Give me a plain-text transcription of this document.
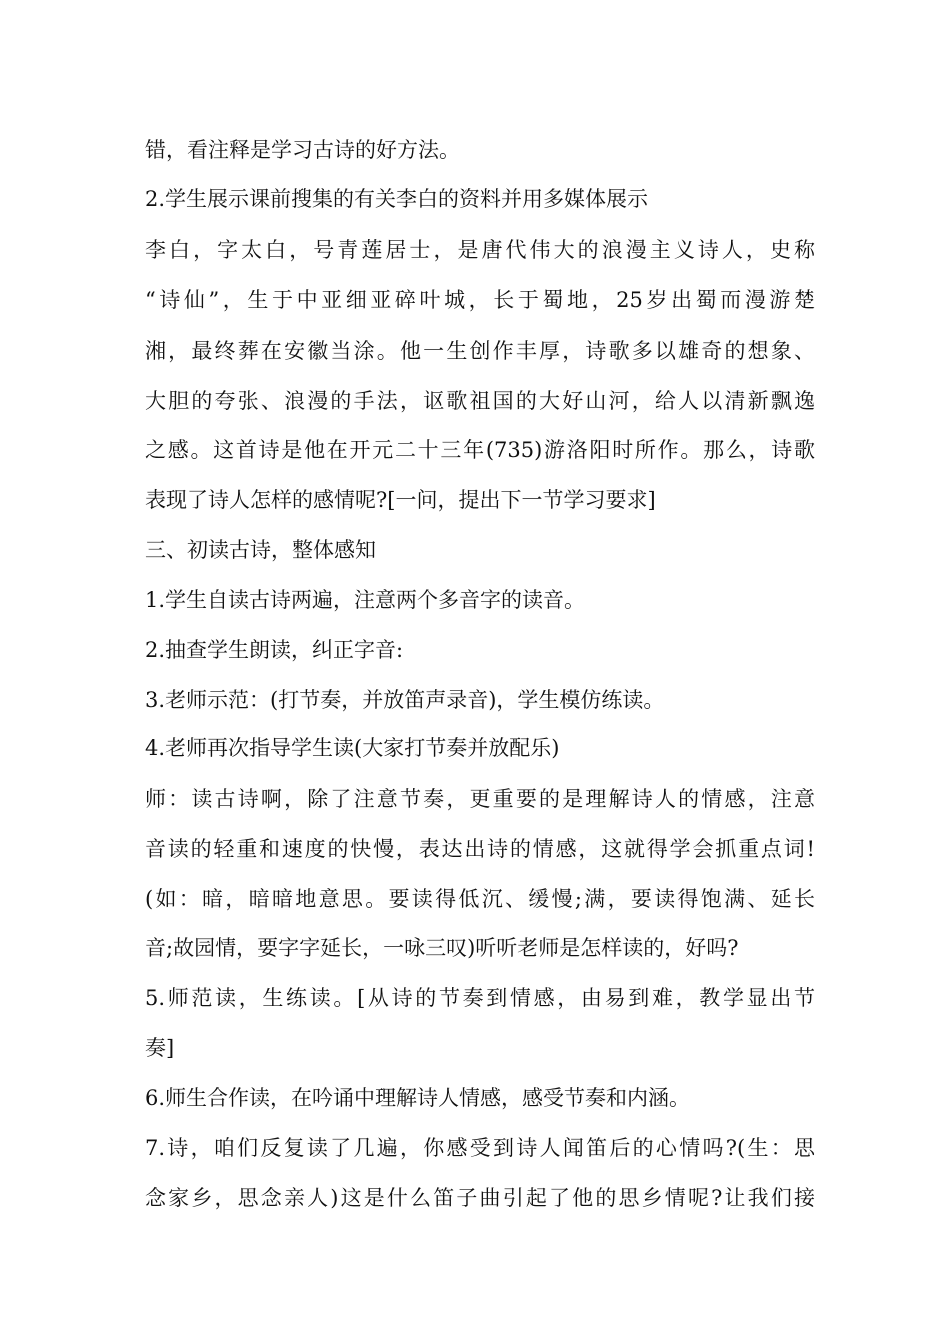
错，看注释是学习古诗的好方法。
2.学生展示课前搜集的有关李白的资料并用多媒体展示
李白，字太白，号青莲居士，是唐代伟大的浪漫主义诗人，史称
“诗仙”，生于中亚细亚碎叶城，长于蜀地，25岁出蜀而漫游楚
湘，最终葬在安徽当涂。他一生创作丰厚，诗歌多以雄奇的想象、
大胆的夸张、浪漫的手法，讴歌祖国的大好山河，给人以清新飘逸
之感。这首诗是他在开元二十三年(735)游洛阳时所作。那么，诗歌
表现了诗人怎样的感情呢?[一问，提出下一节学习要求]
三、初读古诗，整体感知
1.学生自读古诗两遍，注意两个多音字的读音。
2.抽查学生朗读，纠正字音:
3.老师示范：(打节奏，并放笛声录音)，学生模仿练读。
4.老师再次指导学生读(大家打节奏并放配乐)
师：读古诗啊，除了注意节奏，更重要的是理解诗人的情感，注意
音读的轻重和速度的快慢，表达出诗的情感，这就得学会抓重点词!
(如：暗，暗暗地意思。要读得低沉、缓慢;满，要读得饱满、延长
音;故园情，要字字延长，一咏三叹)听听老师是怎样读的，好吗?
5.师范读，生练读。[从诗的节奏到情感，由易到难，教学显出节
奏]
6.师生合作读，在吟诵中理解诗人情感，感受节奏和内涵。
7.诗，咱们反复读了几遍，你感受到诗人闻笛后的心情吗?(生：思
念家乡，思念亲人)这是什么笛子曲引起了他的思乡情呢?让我们接
